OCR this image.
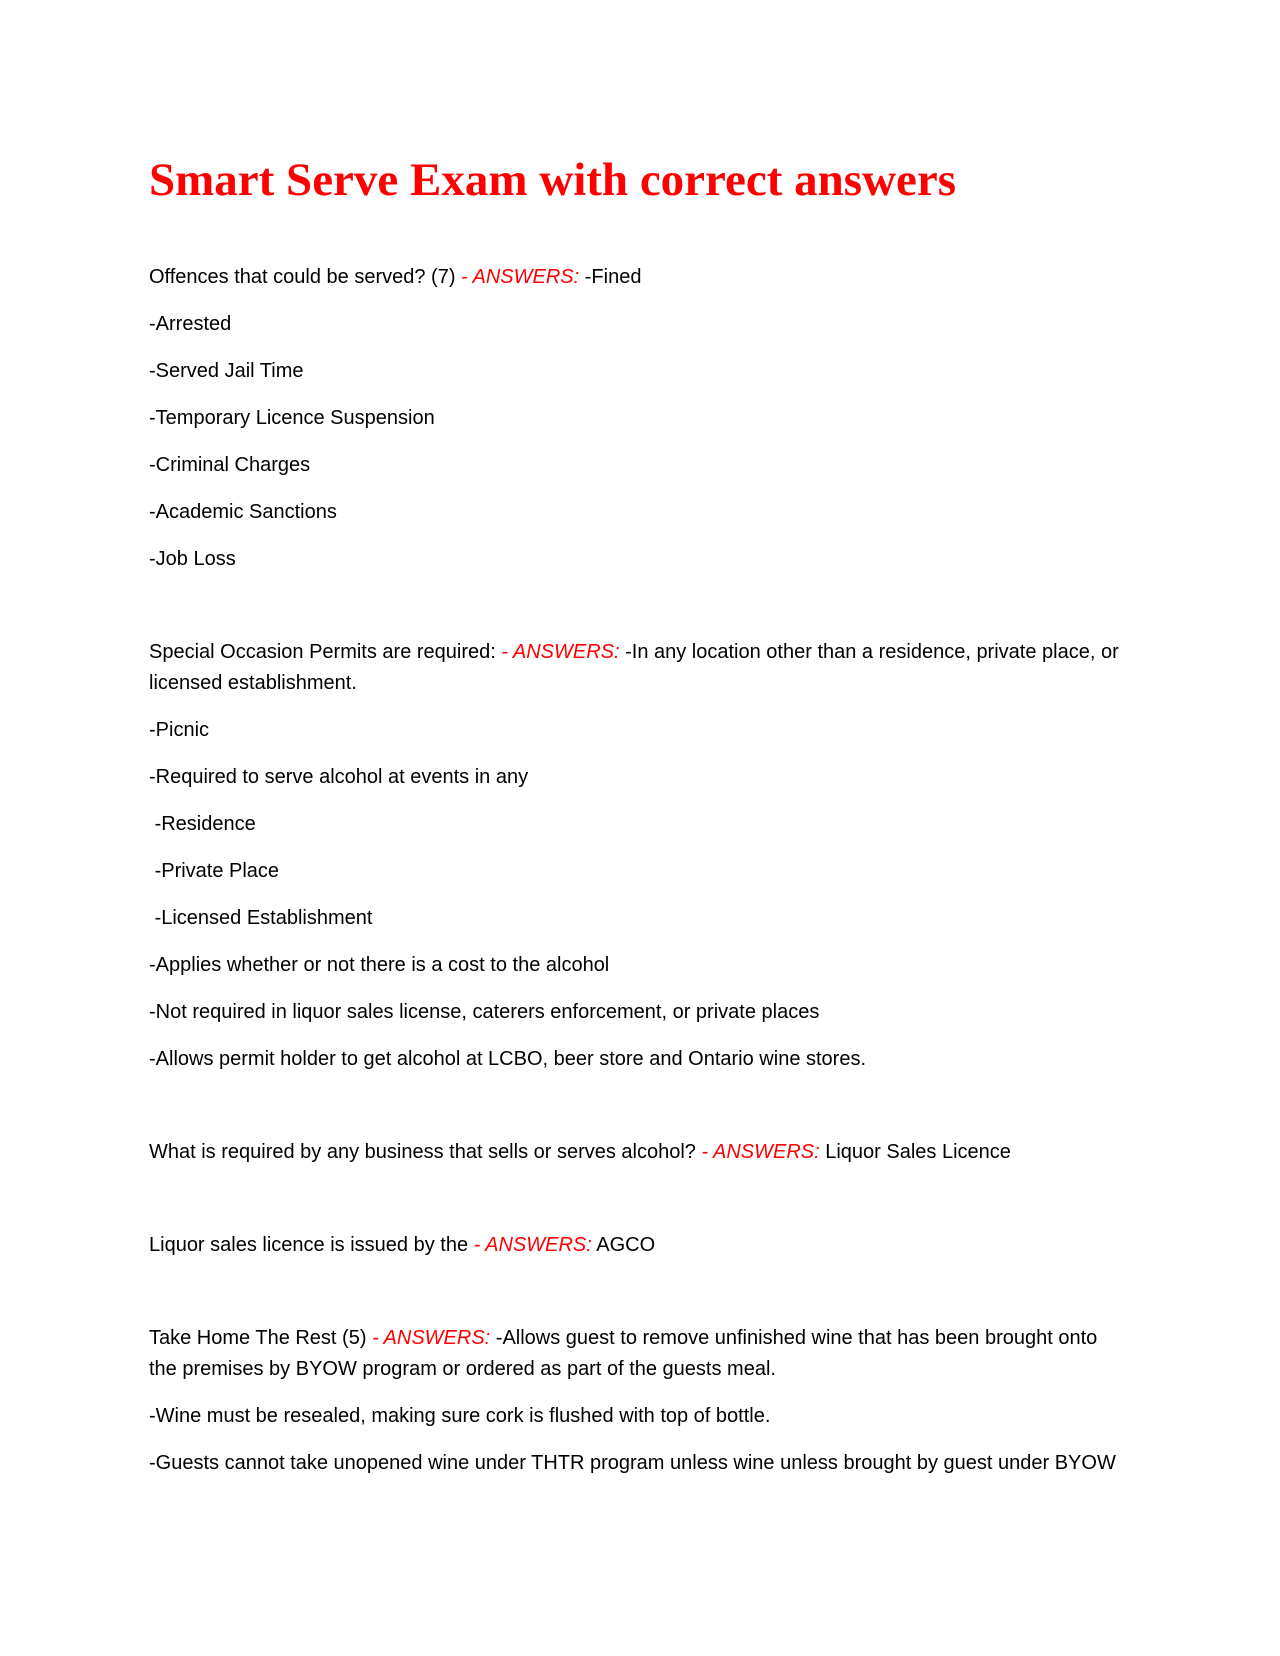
Smart Serve Exam with correct answers
Offences that could be served? (7) - ANSWERS: -Fined
-Arrested
-Served Jail Time
-Temporary Licence Suspension
-Criminal Charges
-Academic Sanctions
-Job Loss
Special Occasion Permits are required: - ANSWERS: -In any location other than a residence, private place, or licensed establishment.
-Picnic
-Required to serve alcohol at events in any
-Residence
-Private Place
-Licensed Establishment
-Applies whether or not there is a cost to the alcohol
-Not required in liquor sales license, caterers enforcement, or private places
-Allows permit holder to get alcohol at LCBO, beer store and Ontario wine stores.
What is required by any business that sells or serves alcohol? - ANSWERS: Liquor Sales Licence
Liquor sales licence is issued by the - ANSWERS: AGCO
Take Home The Rest (5) - ANSWERS: -Allows guest to remove unfinished wine that has been brought onto the premises by BYOW program or ordered as part of the guests meal.
-Wine must be resealed, making sure cork is flushed with top of bottle.
-Guests cannot take unopened wine under THTR program unless wine unless brought by guest under BYOW
